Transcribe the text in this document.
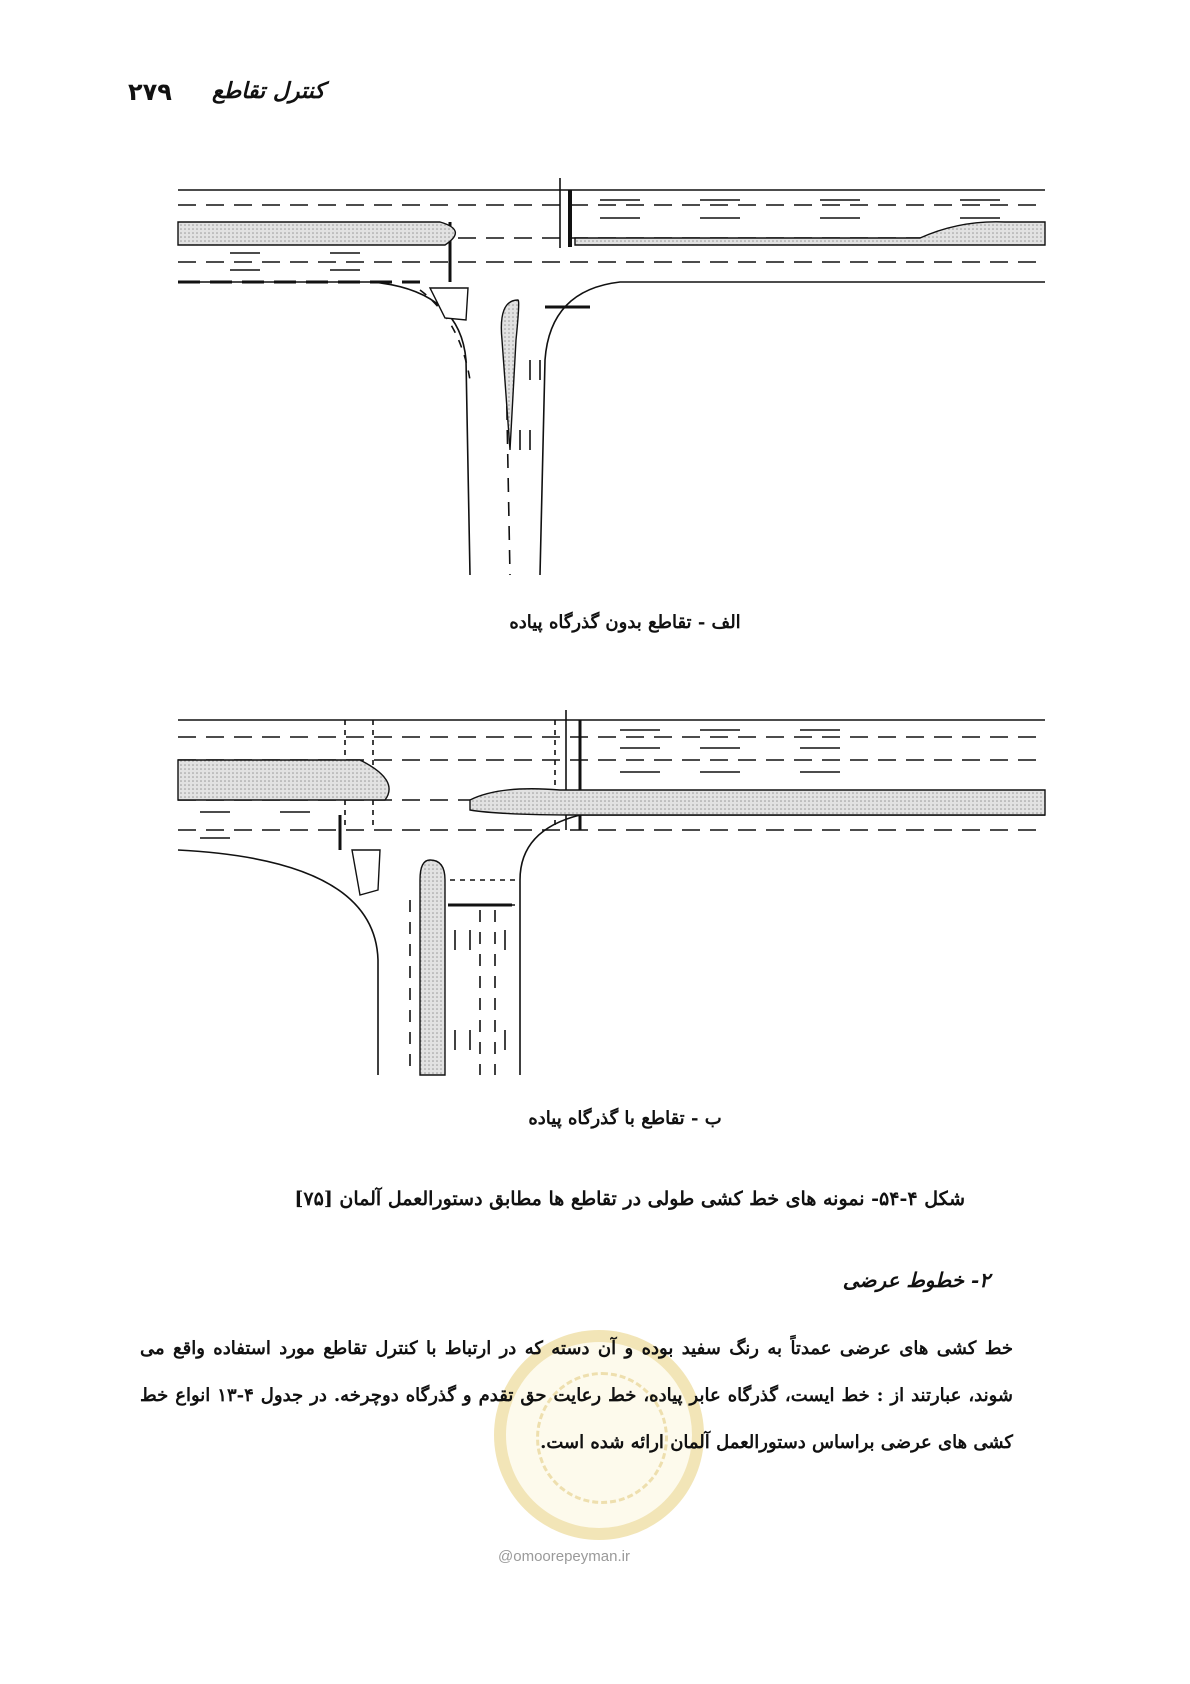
۲۷۹ کنترل تقاطع
الف - تقاطع بدون گذرگاه پیاده
ب - تقاطع با گذرگاه پیاده
شکل ۴-۵۴- نمونه های خط کشی طولی در تقاطع ها مطابق دستورالعمل آلمان [۷۵]
۲- خطوط عرضی

خط کشی های عرضی عمدتاً به رنگ سفید بوده و آن دسته که در ارتباط با کنترل تقاطع مورد استفاده واقع می شوند، عبارتند از : خط ایست، گذرگاه عابر پیاده، خط رعایت حق تقدم و گذرگاه دوچرخه. در جدول ۴-۱۳ انواع خط کشی های عرضی براساس دستورالعمل آلمان ارائه شده است.

@omoorepeyman.ir
